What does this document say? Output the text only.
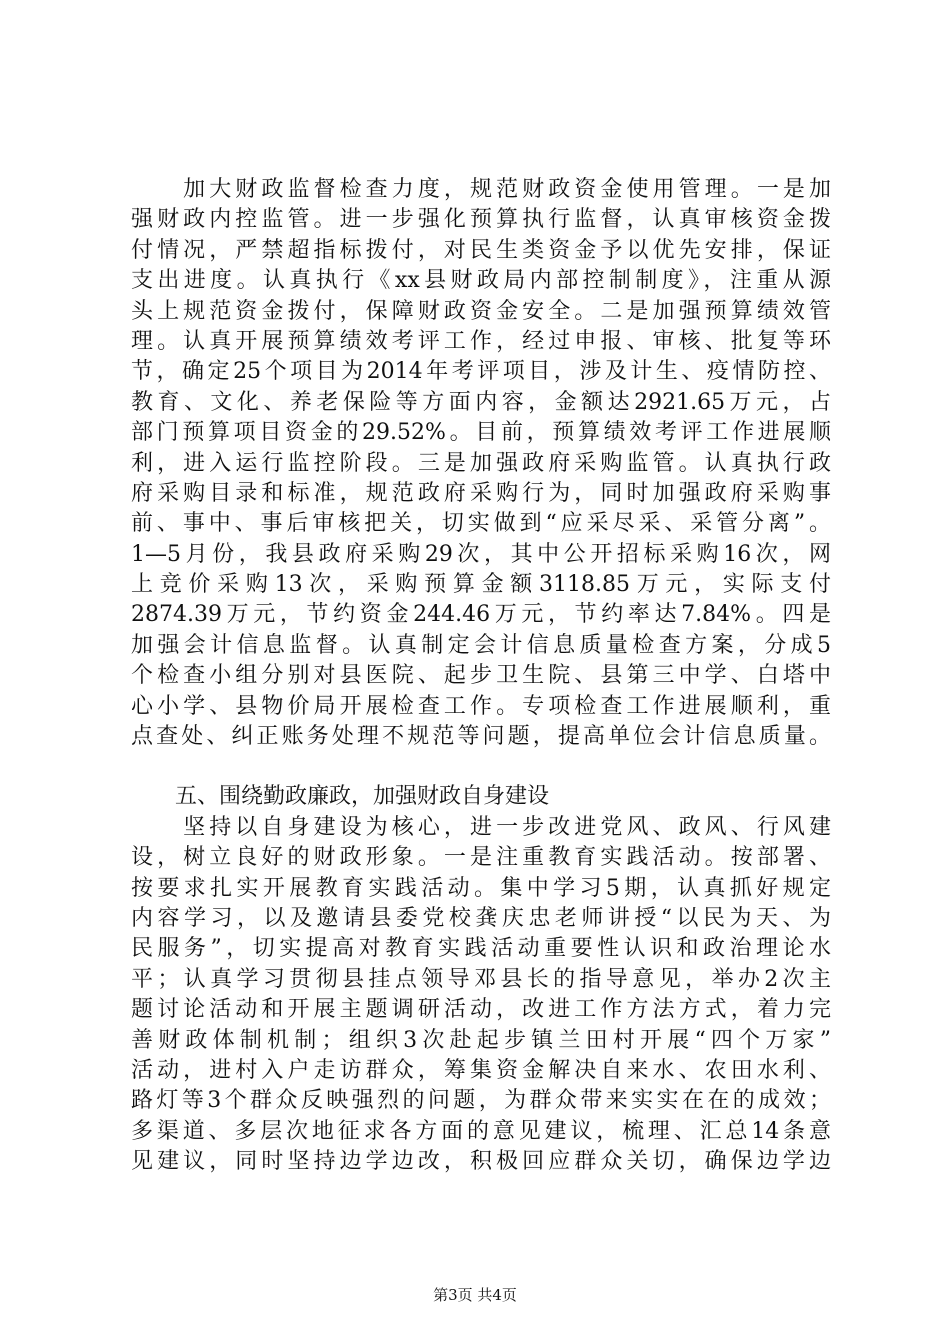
　　加大财政监督检查力度，规范财政资金使用管理。一是加
强财政内控监管。进一步强化预算执行监督，认真审核资金拨
付情况，严禁超指标拨付，对民生类资金予以优先安排，保证
支出进度。认真执行《xx县财政局内部控制制度》，注重从源
头上规范资金拨付，保障财政资金安全。二是加强预算绩效管
理。认真开展预算绩效考评工作，经过申报、审核、批复等环
节，确定25个项目为2014年考评项目，涉及计生、疫情防控、
教育、文化、养老保险等方面内容，金额达2921.65万元，占
部门预算项目资金的29.52%。目前，预算绩效考评工作进展顺
利，进入运行监控阶段。三是加强政府采购监管。认真执行政
府采购目录和标准，规范政府采购行为，同时加强政府采购事
前、事中、事后审核把关，切实做到“应采尽采、采管分离”。
1—5月份，我县政府采购29次，其中公开招标采购16次，网
上竞价采购13次，采购预算金额3118.85万元，实际支付
2874.39万元，节约资金244.46万元，节约率达7.84%。四是
加强会计信息监督。认真制定会计信息质量检查方案，分成5
个检查小组分别对县医院、起步卫生院、县第三中学、白塔中
心小学、县物价局开展检查工作。专项检查工作进展顺利，重
点查处、纠正账务处理不规范等问题，提高单位会计信息质量。
　　五、围绕勤政廉政，加强财政自身建设
　　坚持以自身建设为核心，进一步改进党风、政风、行风建
设，树立良好的财政形象。一是注重教育实践活动。按部署、
按要求扎实开展教育实践活动。集中学习5期，认真抓好规定
内容学习，以及邀请县委党校龚庆忠老师讲授“以民为天、为
民服务”，切实提高对教育实践活动重要性认识和政治理论水
平；认真学习贯彻县挂点领导邓县长的指导意见，举办2次主
题讨论活动和开展主题调研活动，改进工作方法方式，着力完
善财政体制机制；组织3次赴起步镇兰田村开展“四个万家”
活动，进村入户走访群众，筹集资金解决自来水、农田水利、
路灯等3个群众反映强烈的问题，为群众带来实实在在的成效；
多渠道、多层次地征求各方面的意见建议，梳理、汇总14条意
见建议，同时坚持边学边改，积极回应群众关切，确保边学边
第3页 共4页
